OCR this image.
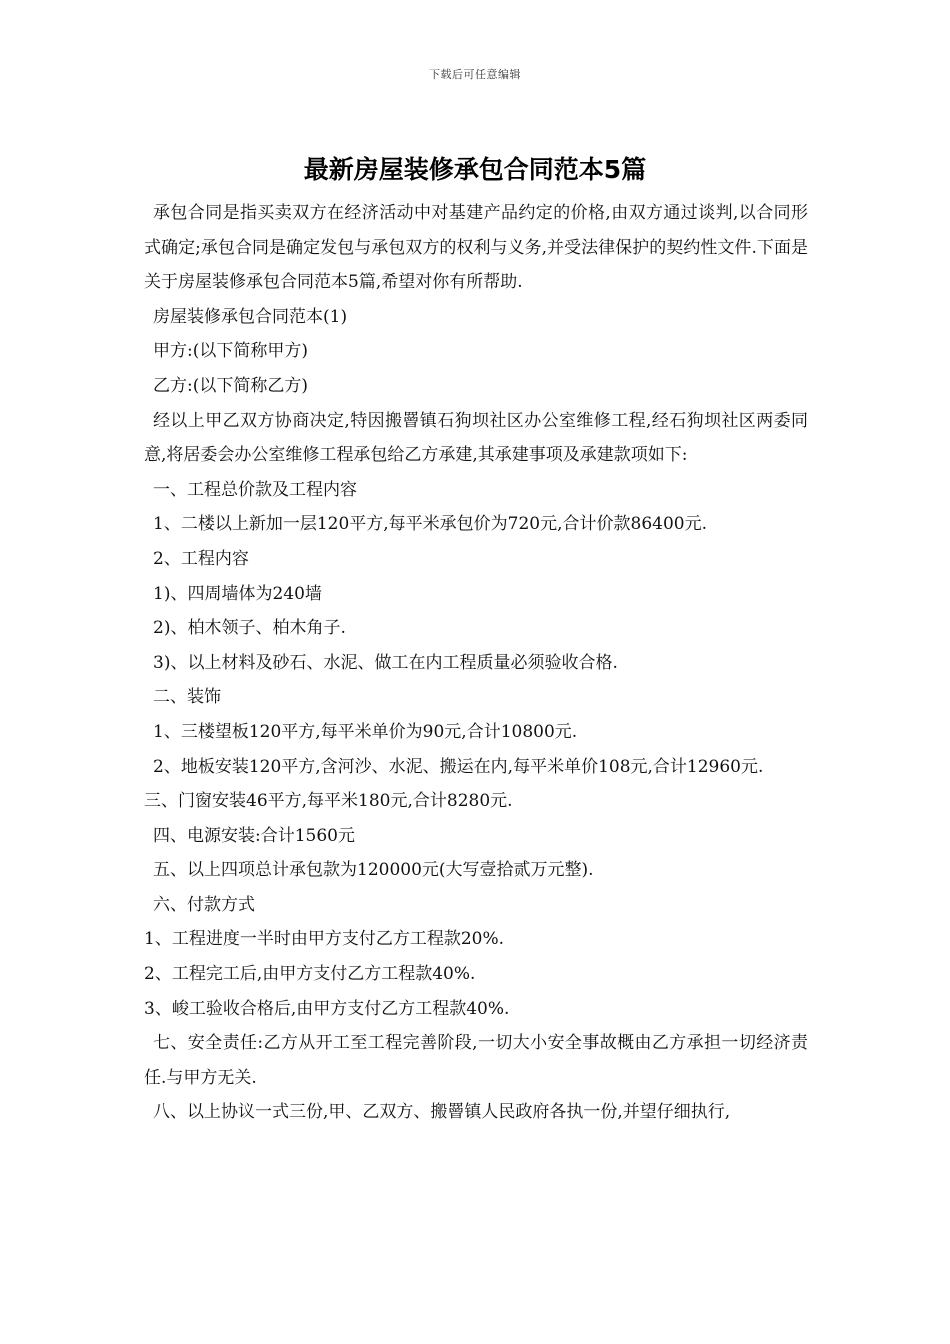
下载后可任意编辑
最新房屋装修承包合同范本5篇

承包合同是指买卖双方在经济活动中对基建产品约定的价格,由双方通过谈判,以合同形式确定;承包合同是确定发包与承包双方的权利与义务,并受法律保护的契约性文件.下面是关于房屋装修承包合同范本5篇,希望对你有所帮助.

房屋装修承包合同范本(1)

甲方:(以下简称甲方)

乙方:(以下简称乙方)

经以上甲乙双方协商决定,特因搬罾镇石狗坝社区办公室维修工程,经石狗坝社区两委同意,将居委会办公室维修工程承包给乙方承建,其承建事项及承建款项如下:

一、工程总价款及工程内容

1、二楼以上新加一层120平方,每平米承包价为720元,合计价款86400元.

2、工程内容

1)、四周墙体为240墙

2)、柏木领子、柏木角子.

3)、以上材料及砂石、水泥、做工在内工程质量必须验收合格.

二、装饰

1、三楼望板120平方,每平米单价为90元,合计10800元.

2、地板安装120平方,含河沙、水泥、搬运在内,每平米单价108元,合计12960元.

三、门窗安装46平方,每平米180元,合计8280元.

四、电源安装:合计1560元

五、以上四项总计承包款为120000元(大写壹拾贰万元整).

六、付款方式

1、工程进度一半时由甲方支付乙方工程款20%.

2、工程完工后,由甲方支付乙方工程款40%.

3、峻工验收合格后,由甲方支付乙方工程款40%.

七、安全责任:乙方从开工至工程完善阶段,一切大小安全事故概由乙方承担一切经济责任.与甲方无关.

八、以上协议一式三份,甲、乙双方、搬罾镇人民政府各执一份,并望仔细执行,
